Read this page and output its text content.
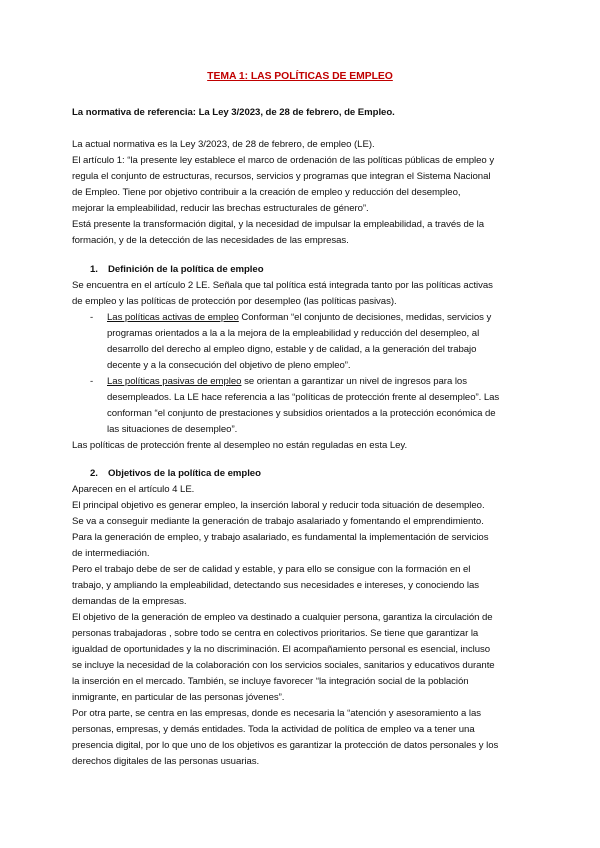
TEMA 1: LAS POLÍTICAS DE EMPLEO
La normativa de referencia: La Ley 3/2023, de 28 de febrero, de Empleo.
La actual normativa es la Ley 3/2023, de 28 de febrero, de empleo (LE).
El artículo 1: “la presente ley establece el marco de ordenación de las políticas públicas de empleo y
regula el conjunto de estructuras, recursos, servicios y programas que integran el Sistema Nacional
de Empleo. Tiene por objetivo contribuir a la creación de empleo y reducción del desempleo,
mejorar la empleabilidad, reducir las brechas estructurales de género”.
Está presente la transformación digital, y la necesidad de impulsar la empleabilidad, a través de la
formación, y de la detección de las necesidades de las empresas.
1. Definición de la política de empleo
Se encuentra en el artículo 2 LE. Señala que tal política está integrada tanto por las políticas activas
de empleo y las políticas de protección por desempleo (las políticas pasivas).
-	Las políticas activas de empleo Conforman “el conjunto de decisiones, medidas, servicios y
programas orientados a la a la mejora de la empleabilidad y reducción del desempleo, al
desarrollo del derecho al empleo digno, estable y de calidad, a la generación del trabajo
decente y a la consecución del objetivo de pleno empleo”.
-	Las políticas pasivas de empleo se orientan a garantizar un nivel de ingresos para los
desempleados. La LE hace referencia a las “políticas de protección frente al desempleo”. Las
conforman “el conjunto de prestaciones y subsidios orientados a la protección económica de
las situaciones de desempleo”.
Las políticas de protección frente al desempleo no están reguladas en esta Ley.
2. Objetivos de la política de empleo
Aparecen en el artículo 4 LE.
El principal objetivo es generar empleo, la inserción laboral y reducir toda situación de desempleo.
Se va a conseguir mediante la generación de trabajo asalariado y fomentando el emprendimiento.
Para la generación de empleo, y trabajo asalariado, es fundamental la implementación de servicios
de intermediación.
Pero el trabajo debe de ser de calidad y estable, y para ello se consigue con la formación en el
trabajo, y ampliando la empleabilidad, detectando sus necesidades e intereses, y conociendo las
demandas de la empresas.
El objetivo de la generación de empleo va destinado a cualquier persona, garantiza la circulación de
personas trabajadoras , sobre todo se centra en colectivos prioritarios. Se tiene que garantizar la
igualdad de oportunidades y la no discriminación. El acompañamiento personal es esencial, incluso
se incluye la necesidad de la colaboración con los servicios sociales, sanitarios y educativos durante
la inserción en el mercado. También, se incluye favorecer “la integración social de la población
inmigrante, en particular de las personas jóvenes”.
Por otra parte, se centra en las empresas, donde es necesaria la “atención y asesoramiento a las
personas, empresas, y demás entidades. Toda la actividad de política de empleo va a tener una
presencia digital, por lo que uno de los objetivos es garantizar la protección de datos personales y los
derechos digitales de las personas usuarias.
